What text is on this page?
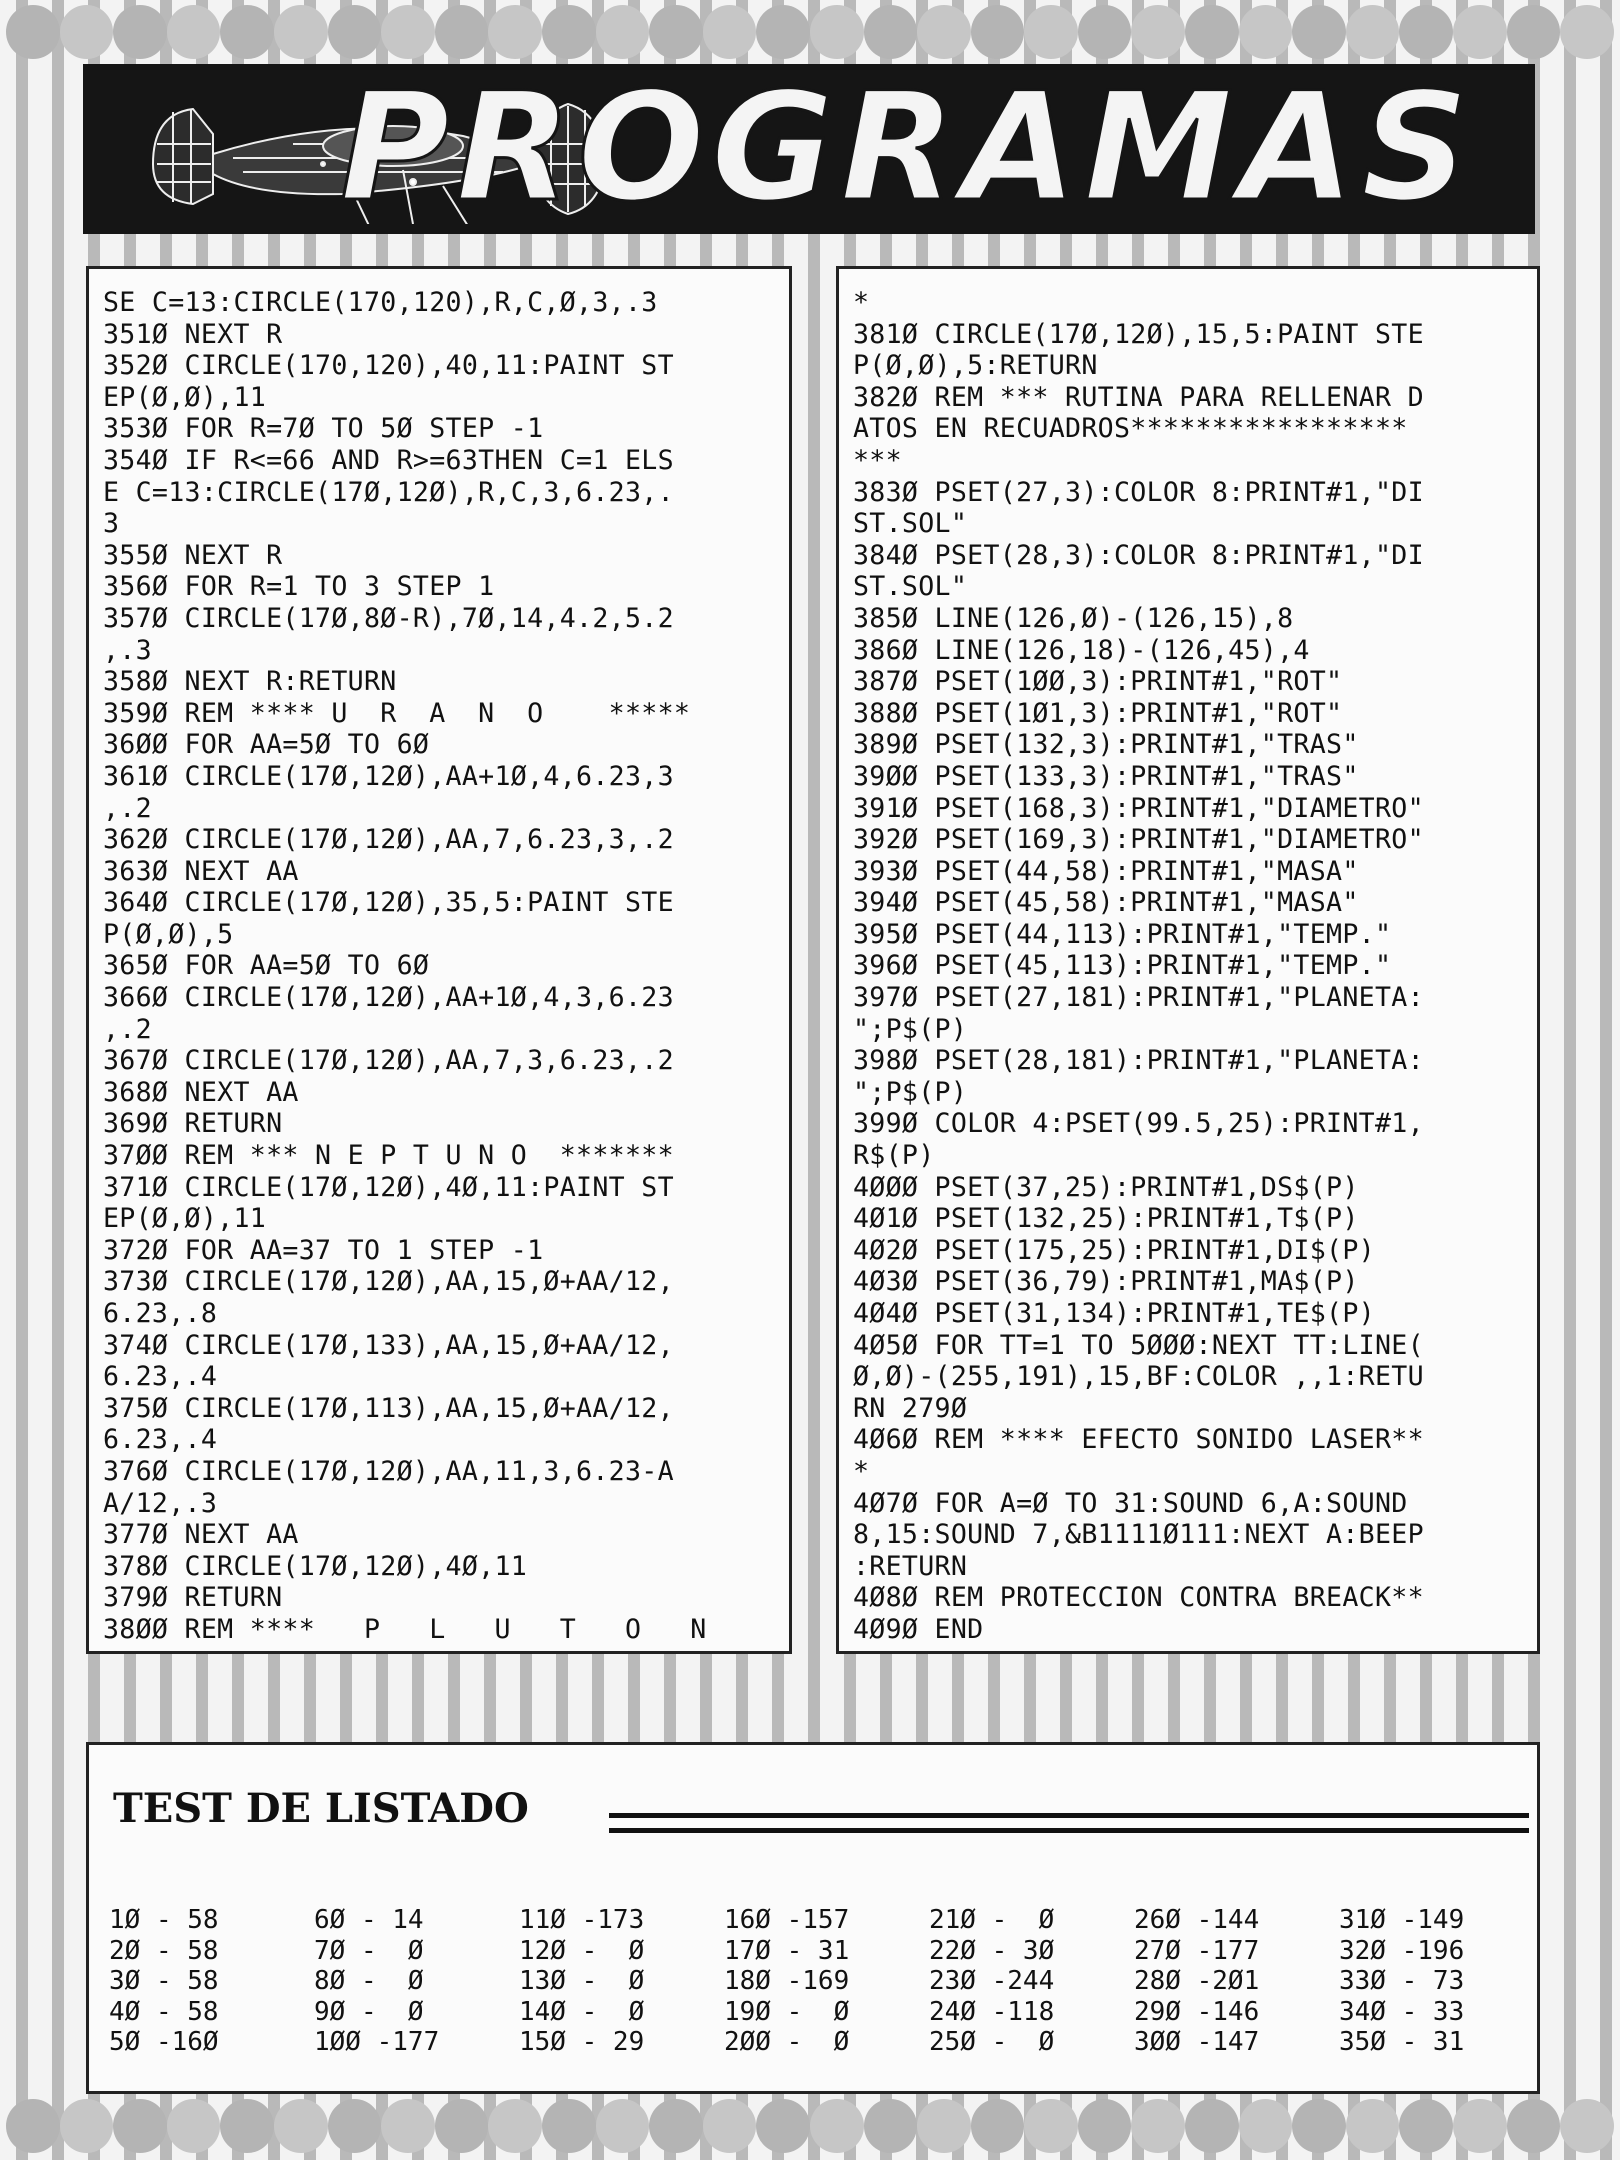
PROGRAMAS
SE C=13:CIRCLE(170,120),R,C,Ø,3,.3
351Ø NEXT R
352Ø CIRCLE(170,120),40,11:PAINT ST
EP(Ø,Ø),11
353Ø FOR R=7Ø TO 5Ø STEP -1
354Ø IF R<=66 AND R>=63THEN C=1 ELS
E C=13:CIRCLE(17Ø,12Ø),R,C,3,6.23,.
3
355Ø NEXT R
356Ø FOR R=1 TO 3 STEP 1
357Ø CIRCLE(17Ø,8Ø-R),7Ø,14,4.2,5.2
,.3
358Ø NEXT R:RETURN
359Ø REM **** U  R  A  N  O    *****
36ØØ FOR AA=5Ø TO 6Ø
361Ø CIRCLE(17Ø,12Ø),AA+1Ø,4,6.23,3
,.2
362Ø CIRCLE(17Ø,12Ø),AA,7,6.23,3,.2
363Ø NEXT AA
364Ø CIRCLE(17Ø,12Ø),35,5:PAINT STE
P(Ø,Ø),5
365Ø FOR AA=5Ø TO 6Ø
366Ø CIRCLE(17Ø,12Ø),AA+1Ø,4,3,6.23
,.2
367Ø CIRCLE(17Ø,12Ø),AA,7,3,6.23,.2
368Ø NEXT AA
369Ø RETURN
37ØØ REM *** N E P T U N O  *******
371Ø CIRCLE(17Ø,12Ø),4Ø,11:PAINT ST
EP(Ø,Ø),11
372Ø FOR AA=37 TO 1 STEP -1
373Ø CIRCLE(17Ø,12Ø),AA,15,Ø+AA/12,
6.23,.8
374Ø CIRCLE(17Ø,133),AA,15,Ø+AA/12,
6.23,.4
375Ø CIRCLE(17Ø,113),AA,15,Ø+AA/12,
6.23,.4
376Ø CIRCLE(17Ø,12Ø),AA,11,3,6.23-A
A/12,.3
377Ø NEXT AA
378Ø CIRCLE(17Ø,12Ø),4Ø,11
379Ø RETURN
38ØØ REM ****   P   L   U   T   O   N
*
381Ø CIRCLE(17Ø,12Ø),15,5:PAINT STE
P(Ø,Ø),5:RETURN
382Ø REM *** RUTINA PARA RELLENAR D
ATOS EN RECUADROS*****************
***
383Ø PSET(27,3):COLOR 8:PRINT#1,"DI
ST.SOL"
384Ø PSET(28,3):COLOR 8:PRINT#1,"DI
ST.SOL"
385Ø LINE(126,Ø)-(126,15),8
386Ø LINE(126,18)-(126,45),4
387Ø PSET(1ØØ,3):PRINT#1,"ROT"
388Ø PSET(1Ø1,3):PRINT#1,"ROT"
389Ø PSET(132,3):PRINT#1,"TRAS"
39ØØ PSET(133,3):PRINT#1,"TRAS"
391Ø PSET(168,3):PRINT#1,"DIAMETRO"
392Ø PSET(169,3):PRINT#1,"DIAMETRO"
393Ø PSET(44,58):PRINT#1,"MASA"
394Ø PSET(45,58):PRINT#1,"MASA"
395Ø PSET(44,113):PRINT#1,"TEMP."
396Ø PSET(45,113):PRINT#1,"TEMP."
397Ø PSET(27,181):PRINT#1,"PLANETA:
";P$(P)
398Ø PSET(28,181):PRINT#1,"PLANETA:
";P$(P)
399Ø COLOR 4:PSET(99.5,25):PRINT#1,
R$(P)
4ØØØ PSET(37,25):PRINT#1,DS$(P)
4Ø1Ø PSET(132,25):PRINT#1,T$(P)
4Ø2Ø PSET(175,25):PRINT#1,DI$(P)
4Ø3Ø PSET(36,79):PRINT#1,MA$(P)
4Ø4Ø PSET(31,134):PRINT#1,TE$(P)
4Ø5Ø FOR TT=1 TO 5ØØØ:NEXT TT:LINE(
Ø,Ø)-(255,191),15,BF:COLOR ,,1:RETU
RN 279Ø
4Ø6Ø REM **** EFECTO SONIDO LASER**
*
4Ø7Ø FOR A=Ø TO 31:SOUND 6,A:SOUND
8,15:SOUND 7,&B1111Ø111:NEXT A:BEEP
:RETURN
4Ø8Ø REM PROTECCION CONTRA BREACK**
4Ø9Ø END
TEST DE LISTADO
1Ø - 58
2Ø - 58
3Ø - 58
4Ø - 58
5Ø -16Ø
6Ø - 14
7Ø -  Ø
8Ø -  Ø
9Ø -  Ø
1ØØ -177
11Ø -173
12Ø -  Ø
13Ø -  Ø
14Ø -  Ø
15Ø - 29
16Ø -157
17Ø - 31
18Ø -169
19Ø -  Ø
2ØØ -  Ø
21Ø -  Ø
22Ø - 3Ø
23Ø -244
24Ø -118
25Ø -  Ø
26Ø -144
27Ø -177
28Ø -2Ø1
29Ø -146
3ØØ -147
31Ø -149
32Ø -196
33Ø - 73
34Ø - 33
35Ø - 31
